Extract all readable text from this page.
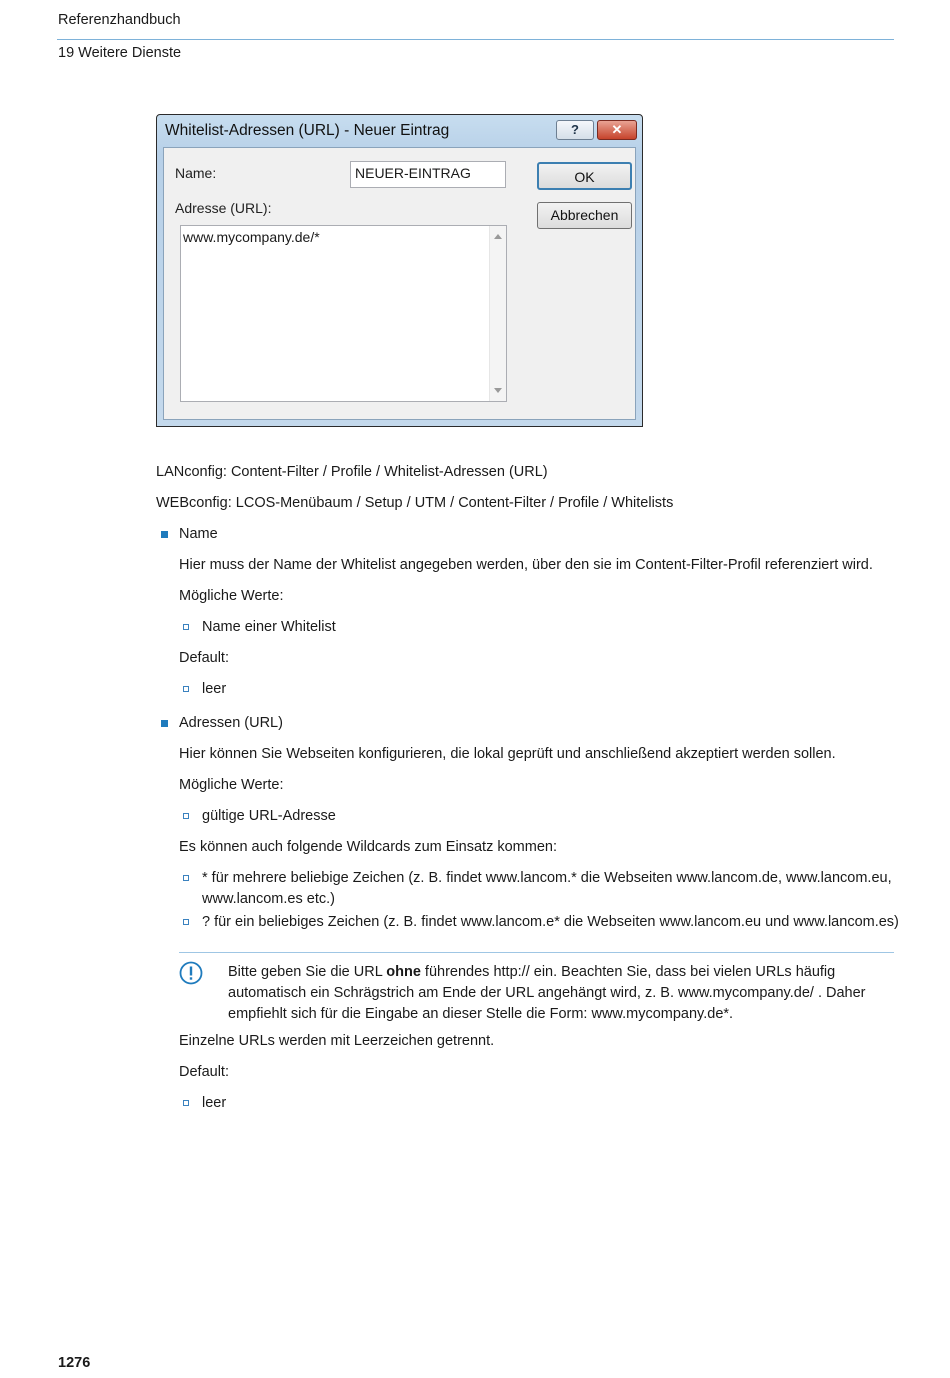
Referenzhandbuch
19 Weitere Dienste
Whitelist-Adressen (URL) - Neuer Eintrag	?	✕
Name:	NEUER-EINTRAG
Adresse (URL):
www.mycompany.de/*
OK
Abbrechen
LANconfig: Content-Filter / Profile / Whitelist-Adressen (URL)
WEBconfig: LCOS-Menübaum / Setup / UTM / Content-Filter / Profile / Whitelists
Name
Hier muss der Name der Whitelist angegeben werden, über den sie im Content-Filter-Profil referenziert wird.
Mögliche Werte:
Name einer Whitelist
Default:
leer
Adressen (URL)
Hier können Sie Webseiten konfigurieren, die lokal geprüft und anschließend akzeptiert werden sollen.
Mögliche Werte:
gültige URL-Adresse
Es können auch folgende Wildcards zum Einsatz kommen:
* für mehrere beliebige Zeichen (z. B. findet www.lancom.* die Webseiten www.lancom.de, www.lancom.eu,
www.lancom.es etc.)
? für ein beliebiges Zeichen (z. B. findet www.lancom.e* die Webseiten www.lancom.eu und www.lancom.es)
Bitte geben Sie die URL ohne führendes http:// ein. Beachten Sie, dass bei vielen URLs häufig automatisch ein Schrägstrich am Ende der URL angehängt wird, z. B. www.mycompany.de/ . Daher empfiehlt sich für die Eingabe an dieser Stelle die Form: www.mycompany.de*.
Einzelne URLs werden mit Leerzeichen getrennt.
Default:
leer
1276
